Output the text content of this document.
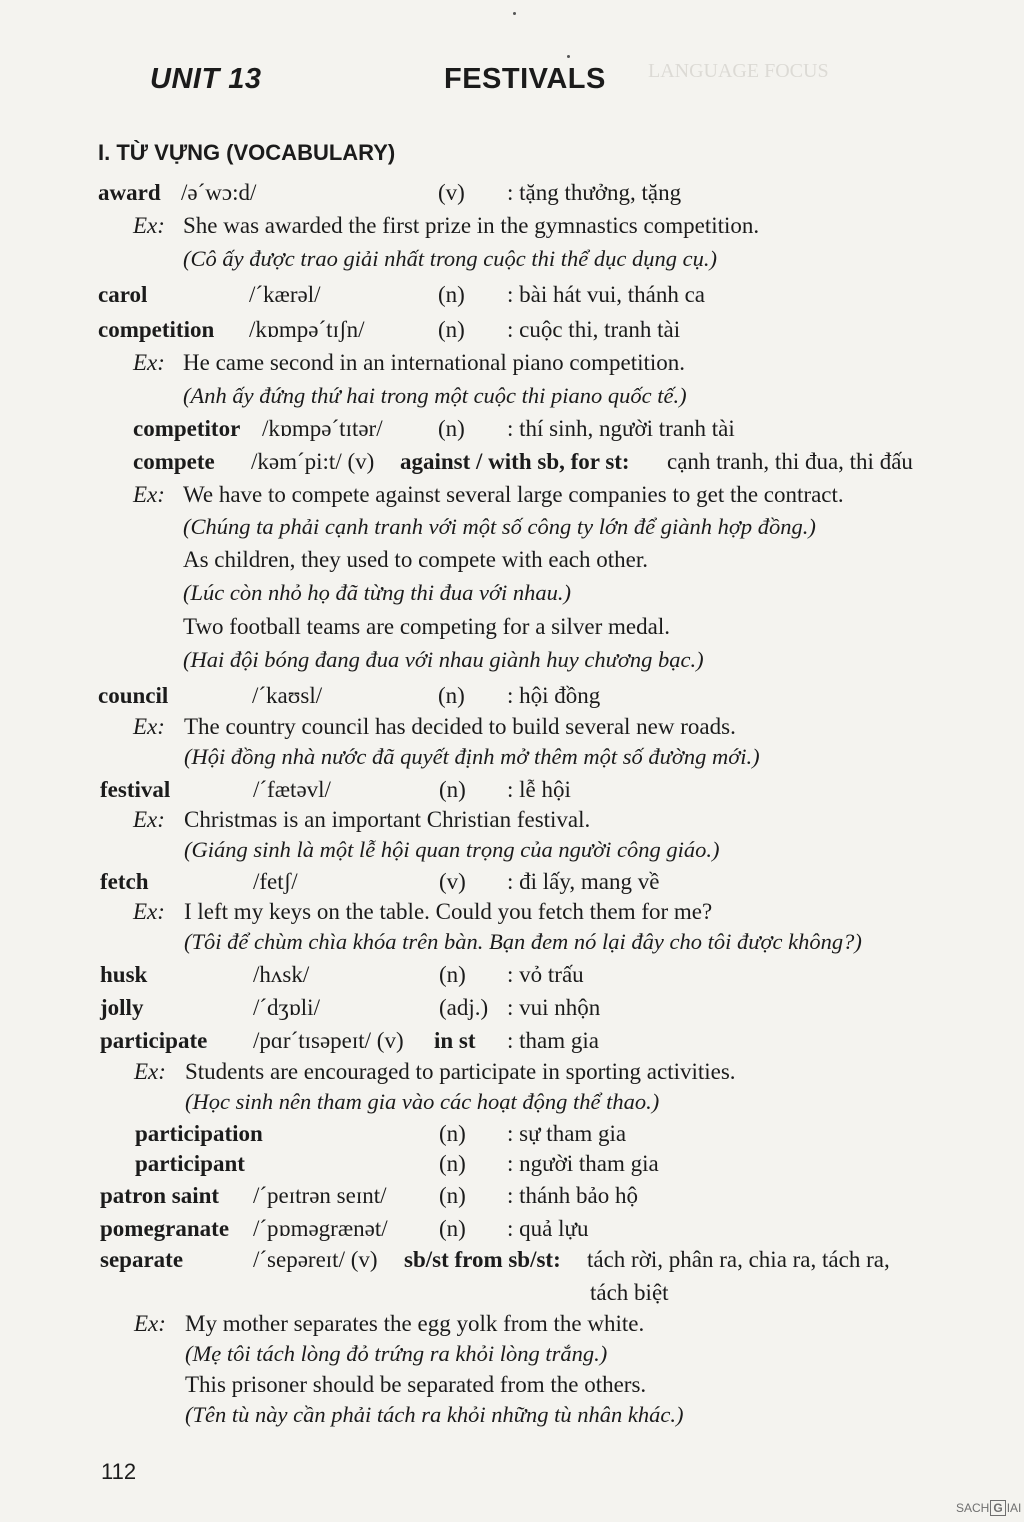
LANGUAGE FOCUS
UNIT 13	FESTIVALS
I. TỪ VỰNG (VOCABULARY)
award /əˊwɔ:d/	(v) : tặng thưởng, tặng
Ex: She was awarded the first prize in the gymnastics competition.
(Cô ấy được trao giải nhất trong cuộc thi thể dục dụng cụ.)
carol	/ˊkærəl/	(n) : bài hát vui, thánh ca
competition /kɒmpəˊtɪʃn/	(n) : cuộc thi, tranh tài
Ex: He came second in an international piano competition.
(Anh ấy đứng thứ hai trong một cuộc thi piano quốc tế.)
competitor /kɒmpəˊtɪtər/ (n) : thí sinh, người tranh tài
compete /kəmˊpi:t/ (v) against / with sb, for st: cạnh tranh, thi đua, thi đấu
Ex: We have to compete against several large companies to get the contract.
(Chúng ta phải cạnh tranh với một số công ty lớn để giành hợp đồng.)
As children, they used to compete with each other.
(Lúc còn nhỏ họ đã từng thi đua với nhau.)
Two football teams are competing for a silver medal.
(Hai đội bóng đang đua với nhau giành huy chương bạc.)
council	/ˊkaʊsl/	(n) : hội đồng
Ex: The country council has decided to build several new roads.
(Hội đồng nhà nước đã quyết định mở thêm một số đường mới.)
festival	/ˊfætəvl/	(n) : lễ hội
Ex: Christmas is an important Christian festival.
(Giáng sinh là một lễ hội quan trọng của người công giáo.)
fetch	/fetʃ/	(v) : đi lấy, mang về
Ex: I left my keys on the table. Could you fetch them for me?
(Tôi để chùm chìa khóa trên bàn. Bạn đem nó lại đây cho tôi được không?)
husk	/hʌsk/	(n) : vỏ trấu
jolly	/ˊdʒɒli/	(adj.) : vui nhộn
participate /pɑrˊtɪsəpeɪt/ (v) in st : tham gia
Ex: Students are encouraged to participate in sporting activities.
(Học sinh nên tham gia vào các hoạt động thể thao.)
participation	(n) : sự tham gia
participant	(n) : người tham gia
patron saint /ˊpeɪtrən seɪnt/ (n) : thánh bảo hộ
pomegranate /ˊpɒməgrænət/ (n) : quả lựu
separate	/ˊsepəreɪt/ (v) sb/st from sb/st: tách rời, phân ra, chia ra, tách ra,
tách biệt
Ex: My mother separates the egg yolk from the white.
(Mẹ tôi tách lòng đỏ trứng ra khỏi lòng trắng.)
This prisoner should be separated from the others.
(Tên tù này cần phải tách ra khỏi những tù nhân khác.)
112
SACH G IAI
